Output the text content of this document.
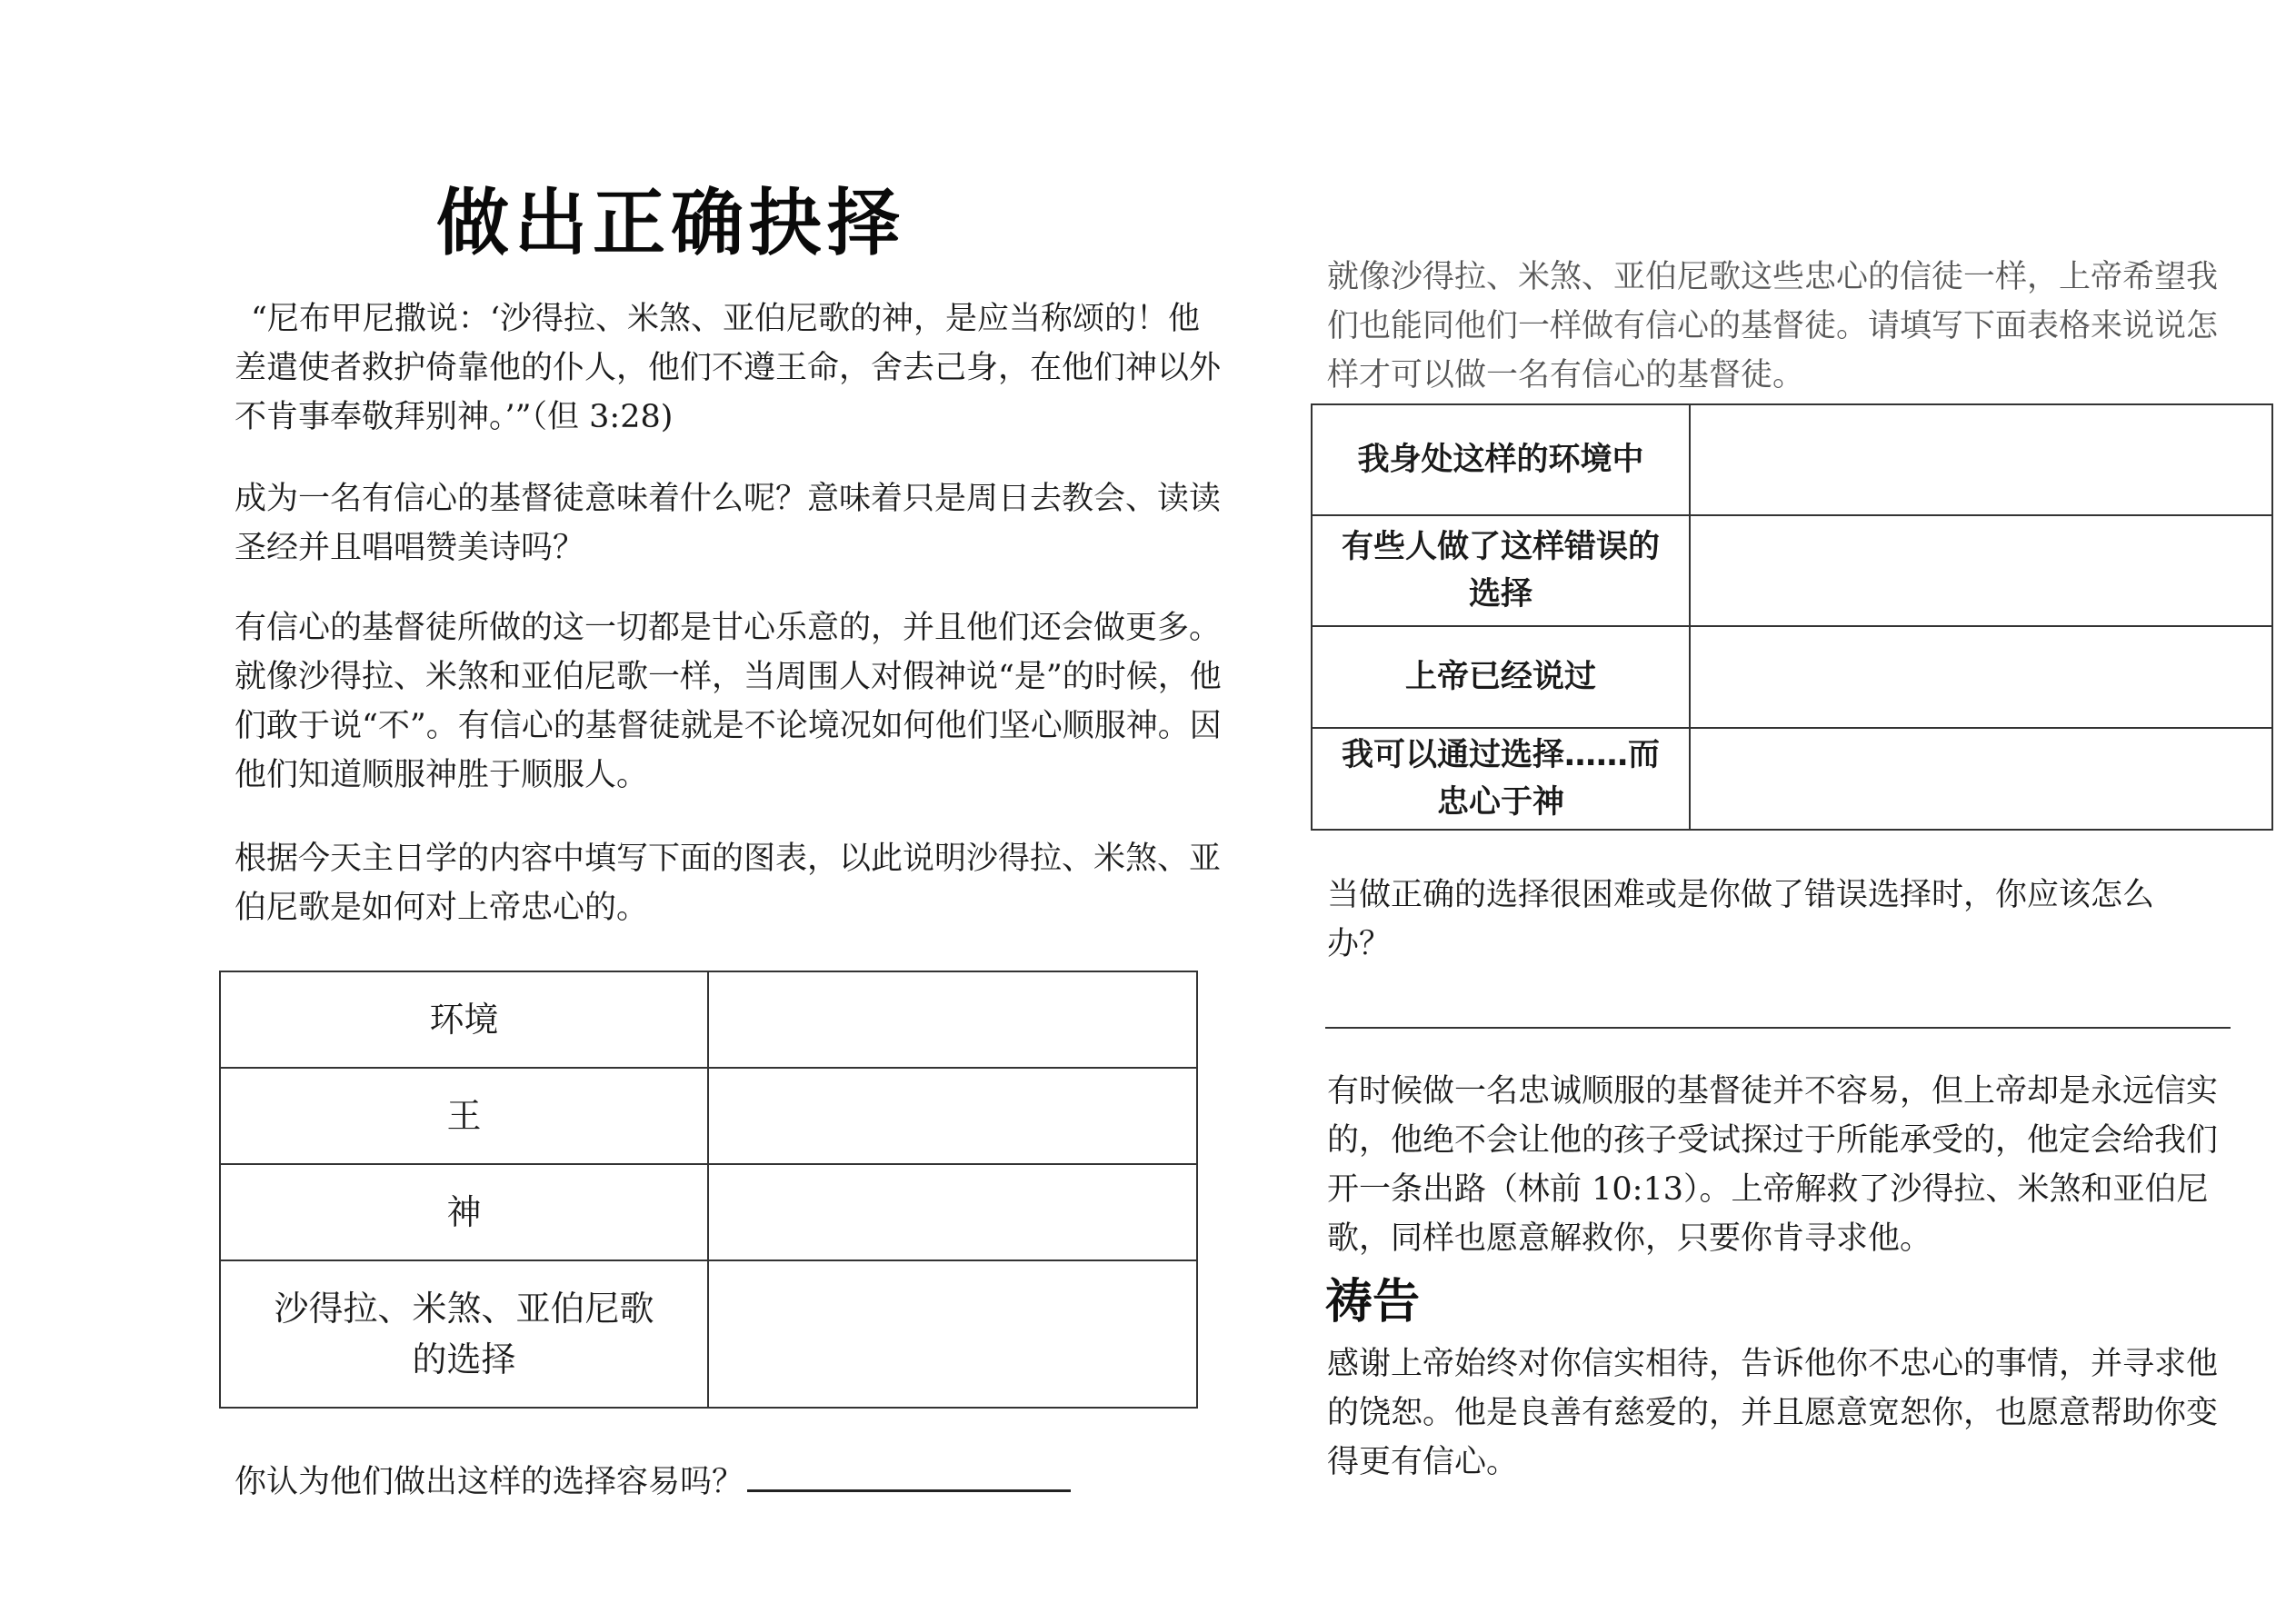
做出正确抉择

“尼布甲尼撒说：‘沙得拉、米煞、亚伯尼歌的神，是应当称颂的！他差遣使者救护倚靠他的仆人，他们不遵王命，舍去己身，在他们神以外不肯事奉敬拜别神。’”（但 3:28)

成为一名有信心的基督徒意味着什么呢？意味着只是周日去教会、读读圣经并且唱唱赞美诗吗？

有信心的基督徒所做的这一切都是甘心乐意的，并且他们还会做更多。就像沙得拉、米煞和亚伯尼歌一样，当周围人对假神说“是”的时候，他们敢于说“不”。有信心的基督徒就是不论境况如何他们坚心顺服神。因他们知道顺服神胜于顺服人。

根据今天主日学的内容中填写下面的图表，以此说明沙得拉、米煞、亚伯尼歌是如何对上帝忠心的。

环境	
王	
神	
沙得拉、米煞、亚伯尼歌的选择	

你认为他们做出这样的选择容易吗？

就像沙得拉、米煞、亚伯尼歌这些忠心的信徒一样，上帝希望我们也能同他们一样做有信心的基督徒。请填写下面表格来说说怎样才可以做一名有信心的基督徒。

我身处这样的环境中	
有些人做了这样错误的选择	
上帝已经说过	
我可以通过选择……而忠心于神	

当做正确的选择很困难或是你做了错误选择时，你应该怎么办？

有时候做一名忠诚顺服的基督徒并不容易，但上帝却是永远信实的，他绝不会让他的孩子受试探过于所能承受的，他定会给我们开一条出路（林前 10:13）。上帝解救了沙得拉、米煞和亚伯尼歌，同样也愿意解救你，只要你肯寻求他。

祷告

感谢上帝始终对你信实相待，告诉他你不忠心的事情，并寻求他的饶恕。他是良善有慈爱的，并且愿意宽恕你，也愿意帮助你变得更有信心。
